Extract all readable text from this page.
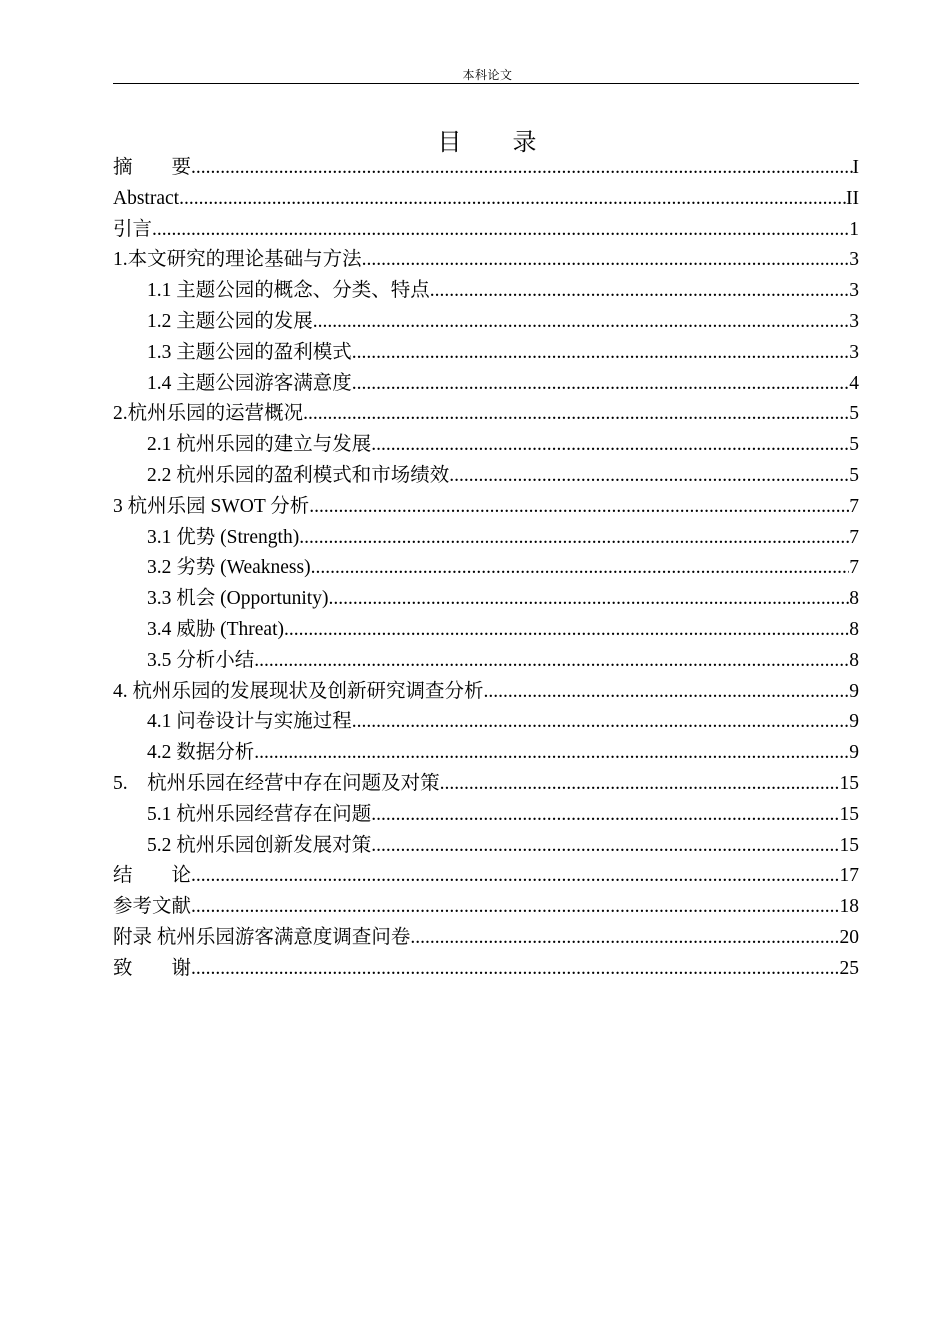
本科论文
目　　录
摘　　要 .....	I
Abstract .....	II
引言 .....	1
1.本文研究的理论基础与方法 .....	3
1.1 主题公园的概念、分类、特点 .....	3
1.2 主题公园的发展 .....	3
1.3 主题公园的盈利模式 .....	3
1.4 主题公园游客满意度 .....	4
2.杭州乐园的运营概况 .....	5
2.1 杭州乐园的建立与发展 .....	5
2.2 杭州乐园的盈利模式和市场绩效 .....	5
3 杭州乐园 SWOT 分析 .....	7
3.1 优势 (Strength) .....	7
3.2 劣势 (Weakness) .....	7
3.3 机会 (Opportunity) .....	8
3.4 威胁 (Threat) .....	8
3.5 分析小结 .....	8
4. 杭州乐园的发展现状及创新研究调查分析 .....	9
4.1 问卷设计与实施过程 .....	9
4.2 数据分析 .....	9
5.　杭州乐园在经营中存在问题及对策 .....	15
5.1 杭州乐园经营存在问题 .....	15
5.2 杭州乐园创新发展对策 .....	15
结　　论 .....	17
参考文献 .....	18
附录 杭州乐园游客满意度调查问卷 .....	20
致　　谢 .....	25
